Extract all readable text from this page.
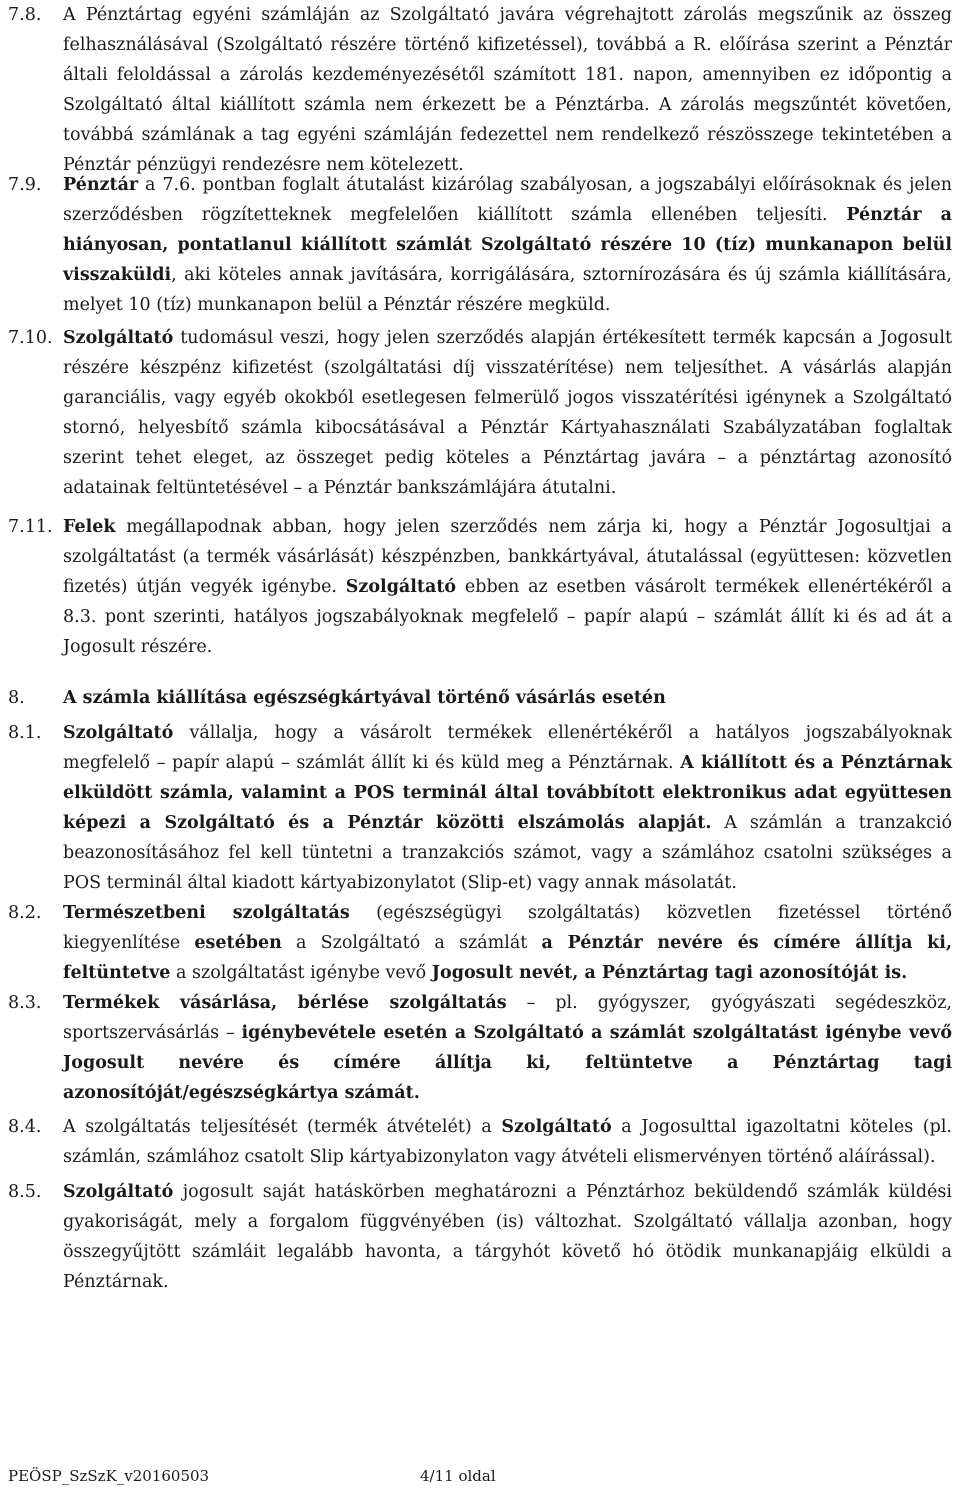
PEÖSP_SzSzK_v20160503	4/11 oldal
7.8. A Pénztártag egyéni számláján az Szolgáltató javára végrehajtott zárolás megszűnik az összeg
felhasználásával (Szolgáltató részére történő kifizetéssel), továbbá a R. előírása szerint a Pénztár
általi feloldással a zárolás kezdeményezésétől számított 181. napon, amennyiben ez időpontig a
Szolgáltató által kiállított számla nem érkezett be a Pénztárba. A zárolás megszűntét követően,
továbbá számlának a tag egyéni számláján fedezettel nem rendelkező részösszege tekintetében a
Pénztár pénzügyi rendezésre nem kötelezett.
7.9. Pénztár a 7.6. pontban foglalt átutalást kizárólag szabályosan, a jogszabályi előírásoknak és jelen
szerződésben rögzítetteknek megfelelően kiállított számla ellenében teljesíti. Pénztár a
hiányosan, pontatlanul kiállított számlát Szolgáltató részére 10 (tíz) munkanapon belül
visszaküldi, aki köteles annak javítására, korrigálására, sztornírozására és új számla kiállítására,
melyet 10 (tíz) munkanapon belül a Pénztár részére megküld.
7.10. Szolgáltató tudomásul veszi, hogy jelen szerződés alapján értékesített termék kapcsán a Jogosult
részére készpénz kifizetést (szolgáltatási díj visszatérítése) nem teljesíthet. A vásárlás alapján
garanciális, vagy egyéb okokból esetlegesen felmerülő jogos visszatérítési igénynek a Szolgáltató
stornó, helyesbítő számla kibocsátásával a Pénztár Kártyahasználati Szabályzatában foglaltak
szerint tehet eleget, az összeget pedig köteles a Pénztártag javára – a pénztártag azonosító
adatainak feltüntetésével – a Pénztár bankszámlájára átutalni.
7.11. Felek megállapodnak abban, hogy jelen szerződés nem zárja ki, hogy a Pénztár Jogosultjai a
szolgáltatást (a termék vásárlását) készpénzben, bankkártyával, átutalással (együttesen: közvetlen
fizetés) útján vegyék igénybe. Szolgáltató ebben az esetben vásárolt termékek ellenértékéről a
8.3. pont szerinti, hatályos jogszabályoknak megfelelő – papír alapú – számlát állít ki és ad át a
Jogosult részére.
8. A számla kiállítása egészségkártyával történő vásárlás esetén
8.1. Szolgáltató vállalja, hogy a vásárolt termékek ellenértékéről a hatályos jogszabályoknak
megfelelő – papír alapú – számlát állít ki és küld meg a Pénztárnak. A kiállított és a Pénztárnak
elküldött számla, valamint a POS terminál által továbbított elektronikus adat együttesen
képezi a Szolgáltató és a Pénztár közötti elszámolás alapját. A számlán a tranzakció
beazonosításához fel kell tüntetni a tranzakciós számot, vagy a számlához csatolni szükséges a
POS terminál által kiadott kártyabizonylatot (Slip-et) vagy annak másolatát.
8.2. Természetbeni szolgáltatás (egészségügyi szolgáltatás) közvetlen fizetéssel történő
kiegyenlítése esetében a Szolgáltató a számlát a Pénztár nevére és címére állítja ki,
feltüntetve a szolgáltatást igénybe vevő Jogosult nevét, a Pénztártag tagi azonosítóját is.
8.3. Termékek vásárlása, bérlése szolgáltatás – pl. gyógyszer, gyógyászati segédeszköz,
sportszervásárlás – igénybevétele esetén a Szolgáltató a számlát szolgáltatást igénybe vevő
Jogosult nevére és címére állítja ki, feltüntetve a Pénztártag tagi
azonosítóját/egészségkártya számát.
8.4. A szolgáltatás teljesítését (termék átvételét) a Szolgáltató a Jogosulttal igazoltatni köteles (pl.
számlán, számlához csatolt Slip kártyabizonylaton vagy átvételi elismervényen történő aláírással).
8.5. Szolgáltató jogosult saját hatáskörben meghatározni a Pénztárhoz beküldendő számlák küldési
gyakoriságát, mely a forgalom függvényében (is) változhat. Szolgáltató vállalja azonban, hogy
összegyűjtött számláit legalább havonta, a tárgyhót követő hó ötödik munkanapjáig elküldi a
Pénztárnak.
